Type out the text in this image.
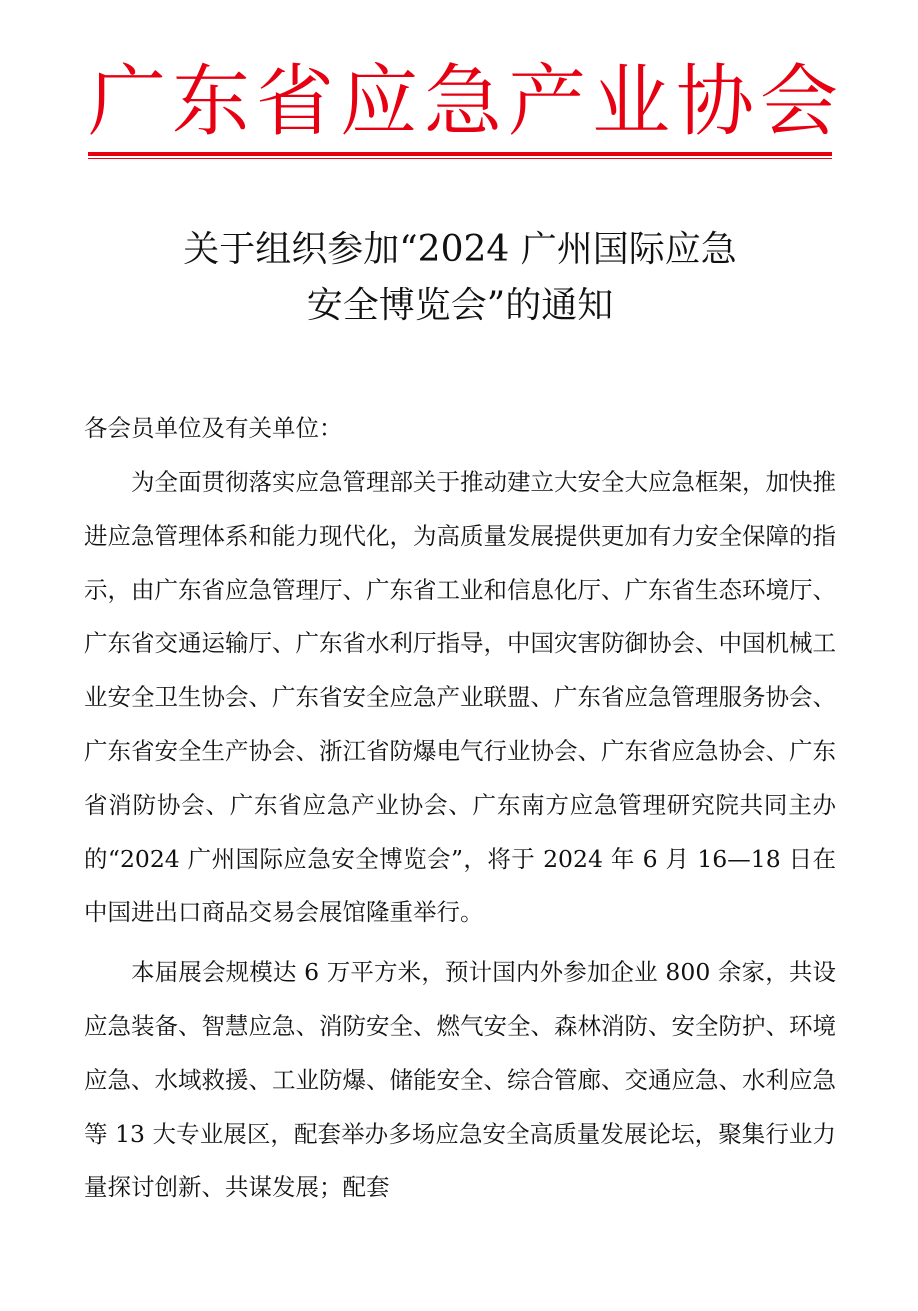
广东省应急产业协会
关于组织参加“2024 广州国际应急
安全博览会”的通知

各会员单位及有关单位：

为全面贯彻落实应急管理部关于推动建立大安全大应急框架，加快推进应急管理体系和能力现代化，为高质量发展提供更加有力安全保障的指示，由广东省应急管理厅、广东省工业和信息化厅、广东省生态环境厅、广东省交通运输厅、广东省水利厅指导，中国灾害防御协会、中国机械工业安全卫生协会、广东省安全应急产业联盟、广东省应急管理服务协会、广东省安全生产协会、浙江省防爆电气行业协会、广东省应急协会、广东省消防协会、广东省应急产业协会、广东南方应急管理研究院共同主办的“2024 广州国际应急安全博览会”，将于 2024 年 6 月 16—18 日在中国进出口商品交易会展馆隆重举行。

本届展会规模达 6 万平方米，预计国内外参加企业 800 余家，共设应急装备、智慧应急、消防安全、燃气安全、森林消防、安全防护、环境应急、水域救援、工业防爆、储能安全、综合管廊、交通应急、水利应急等 13 大专业展区，配套举办多场应急安全高质量发展论坛，聚集行业力量探讨创新、共谋发展；配套
